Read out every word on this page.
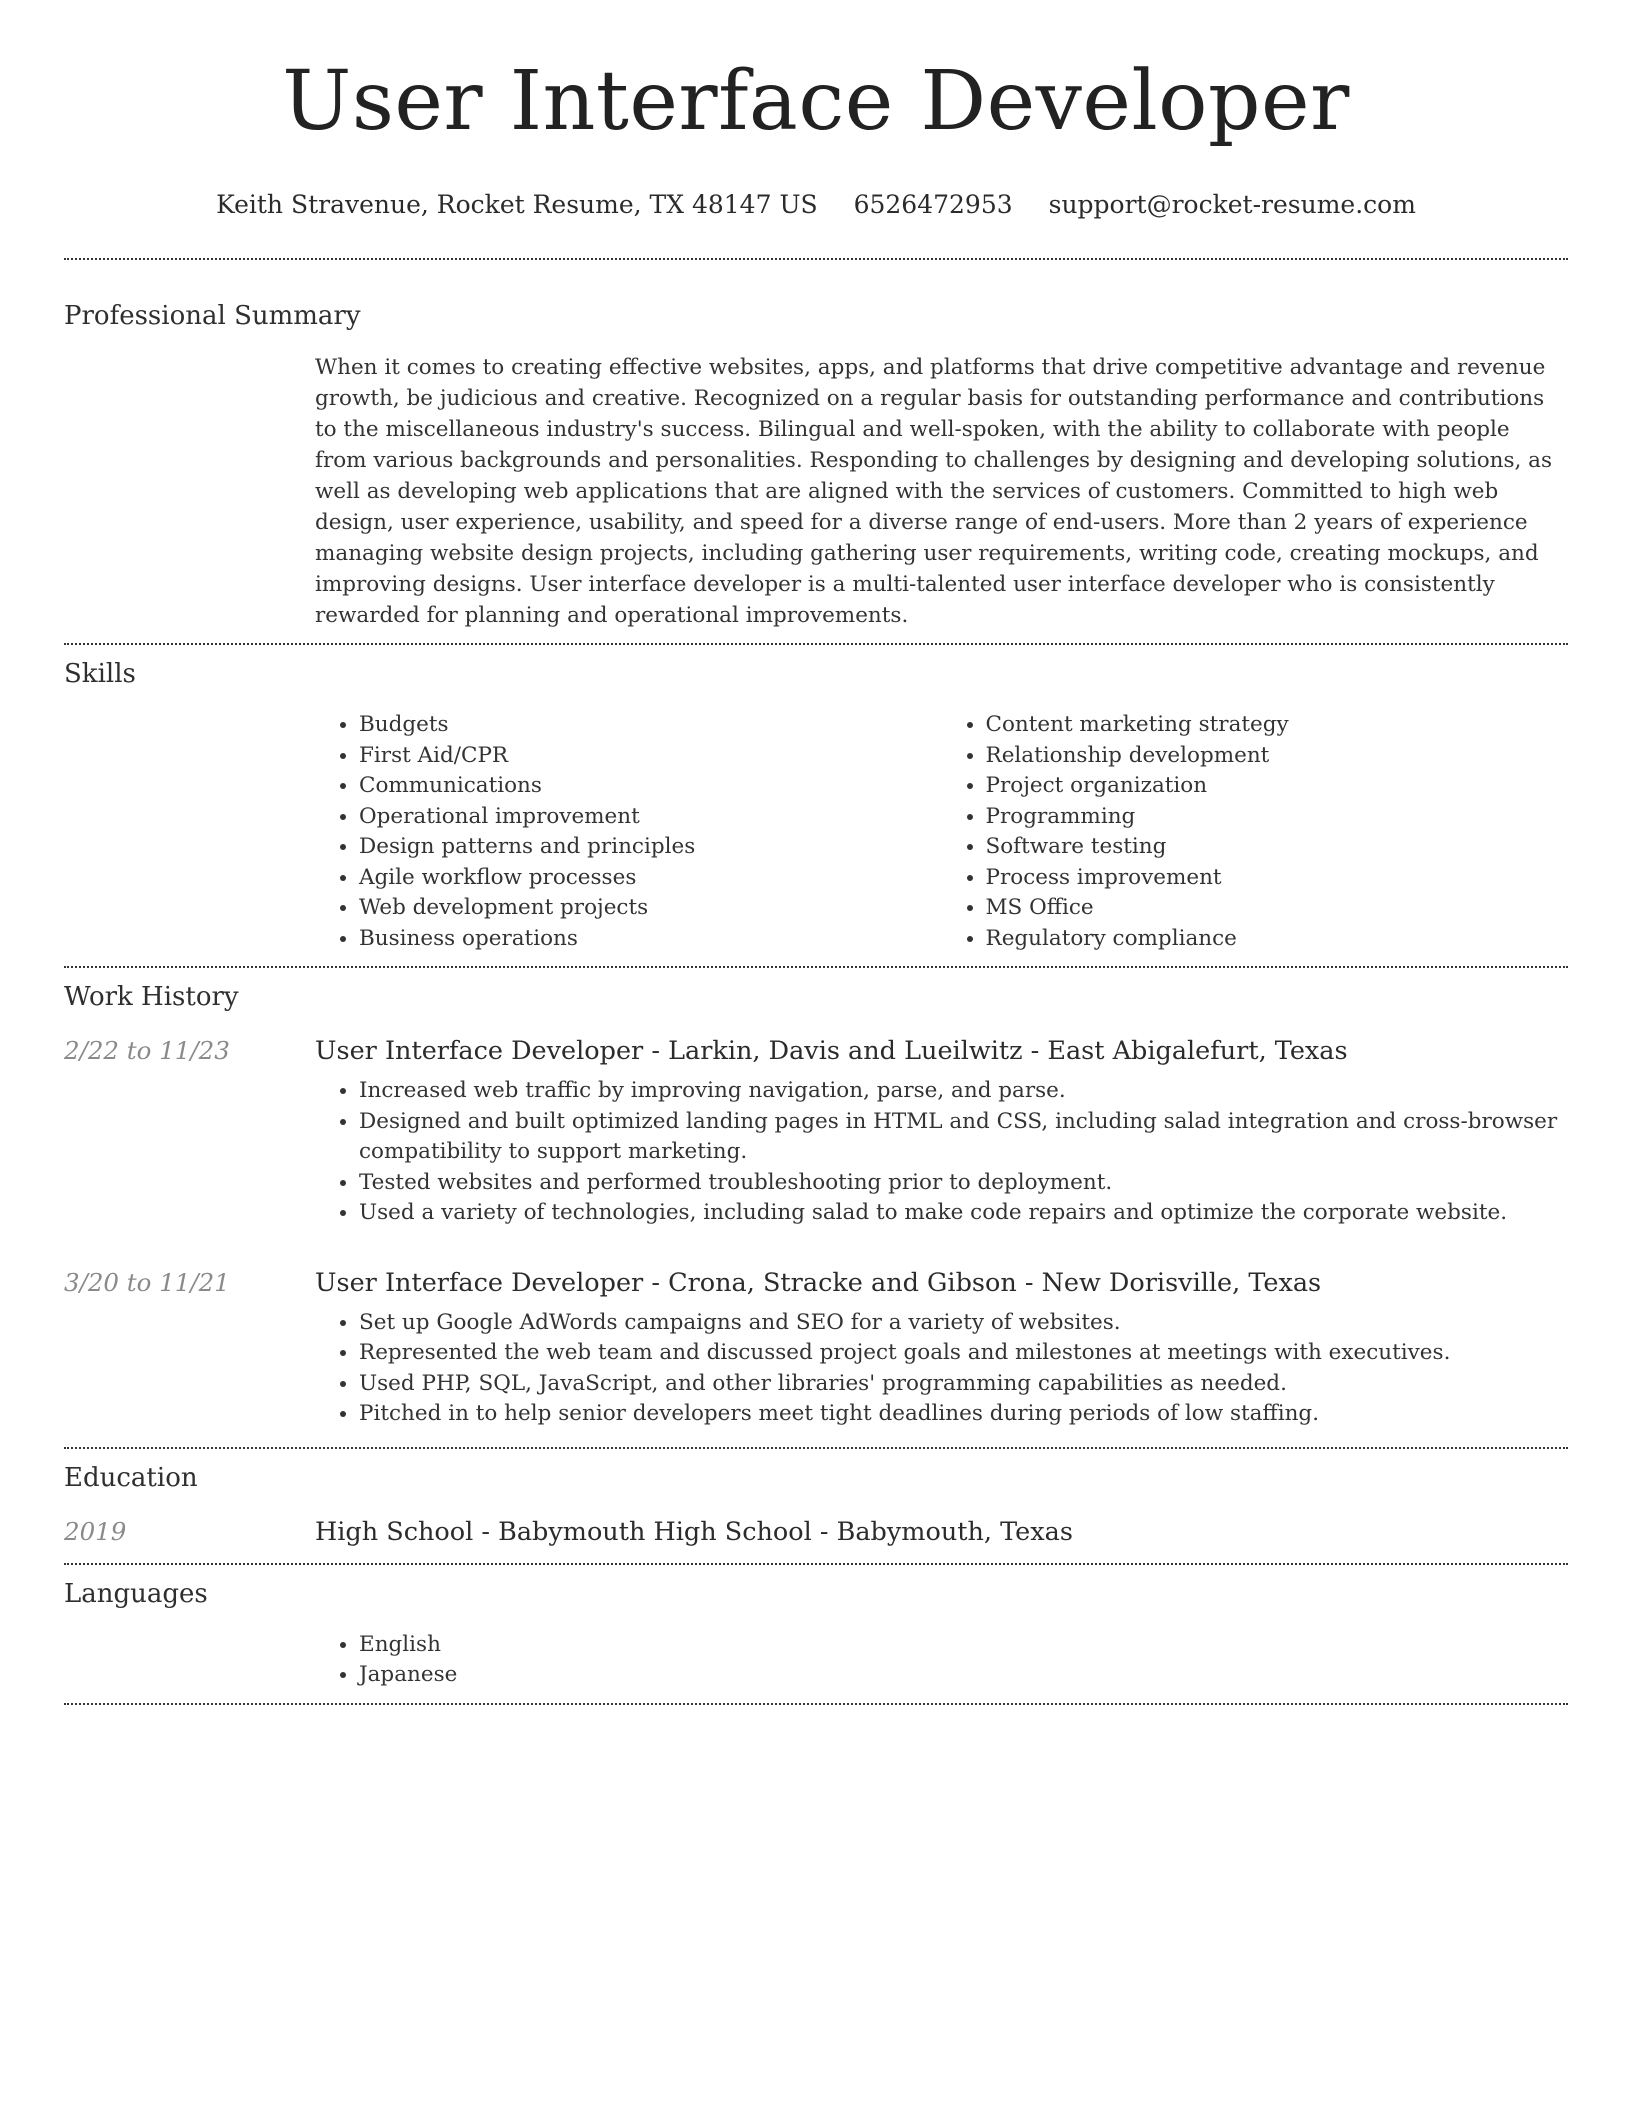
User Interface Developer
Keith Stravenue, Rocket Resume, TX 48147 US 6526472953 support@rocket-resume.com
Professional Summary
When it comes to creating effective websites, apps, and platforms that drive competitive advantage and revenue growth, be judicious and creative. Recognized on a regular basis for outstanding performance and contributions to the miscellaneous industry's success. Bilingual and well-spoken, with the ability to collaborate with people from various backgrounds and personalities. Responding to challenges by designing and developing solutions, as well as developing web applications that are aligned with the services of customers. Committed to high web design, user experience, usability, and speed for a diverse range of end-users. More than 2 years of experience managing website design projects, including gathering user requirements, writing code, creating mockups, and improving designs. User interface developer is a multi-talented user interface developer who is consistently rewarded for planning and operational improvements.
Skills
• Budgets
• First Aid/CPR
• Communications
• Operational improvement
• Design patterns and principles
• Agile workflow processes
• Web development projects
• Business operations
• Content marketing strategy
• Relationship development
• Project organization
• Programming
• Software testing
• Process improvement
• MS Office
• Regulatory compliance
Work History
2/22 to 11/23	User Interface Developer - Larkin, Davis and Lueilwitz - East Abigalefurt, Texas
• Increased web traffic by improving navigation, parse, and parse.
• Designed and built optimized landing pages in HTML and CSS, including salad integration and cross-browser compatibility to support marketing.
• Tested websites and performed troubleshooting prior to deployment.
• Used a variety of technologies, including salad to make code repairs and optimize the corporate website.
3/20 to 11/21	User Interface Developer - Crona, Stracke and Gibson - New Dorisville, Texas
• Set up Google AdWords campaigns and SEO for a variety of websites.
• Represented the web team and discussed project goals and milestones at meetings with executives.
• Used PHP, SQL, JavaScript, and other libraries' programming capabilities as needed.
• Pitched in to help senior developers meet tight deadlines during periods of low staffing.
Education
2019	High School - Babymouth High School - Babymouth, Texas
Languages
• English
• Japanese
